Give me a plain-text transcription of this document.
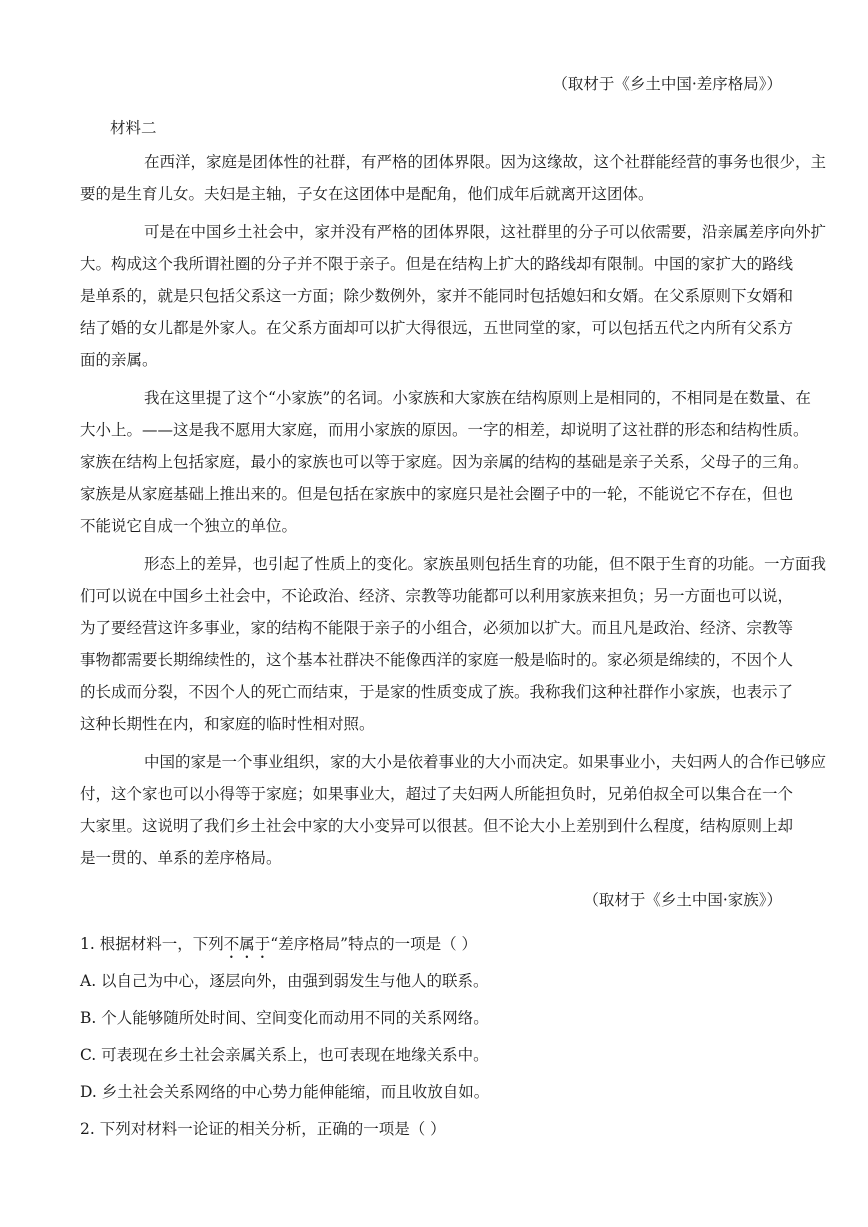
（取材于《乡土中国·差序格局》）
材料二

在西洋，家庭是团体性的社群，有严格的团体界限。因为这缘故，这个社群能经营的事务也很少，主
要的是生育儿女。夫妇是主轴，子女在这团体中是配角，他们成年后就离开这团体。

可是在中国乡土社会中，家并没有严格的团体界限，这社群里的分子可以依需要，沿亲属差序向外扩
大。构成这个我所谓社圈的分子并不限于亲子。但是在结构上扩大的路线却有限制。中国的家扩大的路线
是单系的，就是只包括父系这一方面；除少数例外，家并不能同时包括媳妇和女婿。在父系原则下女婿和
结了婚的女儿都是外家人。在父系方面却可以扩大得很远，五世同堂的家，可以包括五代之内所有父系方
面的亲属。

我在这里提了这个“小家族”的名词。小家族和大家族在结构原则上是相同的，不相同是在数量、在
大小上。——这是我不愿用大家庭，而用小家族的原因。一字的相差，却说明了这社群的形态和结构性质。
家族在结构上包括家庭，最小的家族也可以等于家庭。因为亲属的结构的基础是亲子关系，父母子的三角。
家族是从家庭基础上推出来的。但是包括在家族中的家庭只是社会圈子中的一轮，不能说它不存在，但也
不能说它自成一个独立的单位。

形态上的差异，也引起了性质上的变化。家族虽则包括生育的功能，但不限于生育的功能。一方面我
们可以说在中国乡土社会中，不论政治、经济、宗教等功能都可以利用家族来担负；另一方面也可以说，
为了要经营这许多事业，家的结构不能限于亲子的小组合，必须加以扩大。而且凡是政治、经济、宗教等
事物都需要长期绵续性的，这个基本社群决不能像西洋的家庭一般是临时的。家必须是绵续的，不因个人
的长成而分裂，不因个人的死亡而结束，于是家的性质变成了族。我称我们这种社群作小家族，也表示了
这种长期性在内，和家庭的临时性相对照。

中国的家是一个事业组织，家的大小是依着事业的大小而决定。如果事业小，夫妇两人的合作已够应
付，这个家也可以小得等于家庭；如果事业大，超过了夫妇两人所能担负时，兄弟伯叔全可以集合在一个
大家里。这说明了我们乡土社会中家的大小变异可以很甚。但不论大小上差别到什么程度，结构原则上却
是一贯的、单系的差序格局。

（取材于《乡土中国·家族》）
1. 根据材料一，下列不属于“差序格局”特点的一项是（ ）
A. 以自己为中心，逐层向外，由强到弱发生与他人的联系。
B. 个人能够随所处时间、空间变化而动用不同的关系网络。
C. 可表现在乡土社会亲属关系上，也可表现在地缘关系中。
D. 乡土社会关系网络的中心势力能伸能缩，而且收放自如。
2. 下列对材料一论证的相关分析，正确的一项是（ ）
